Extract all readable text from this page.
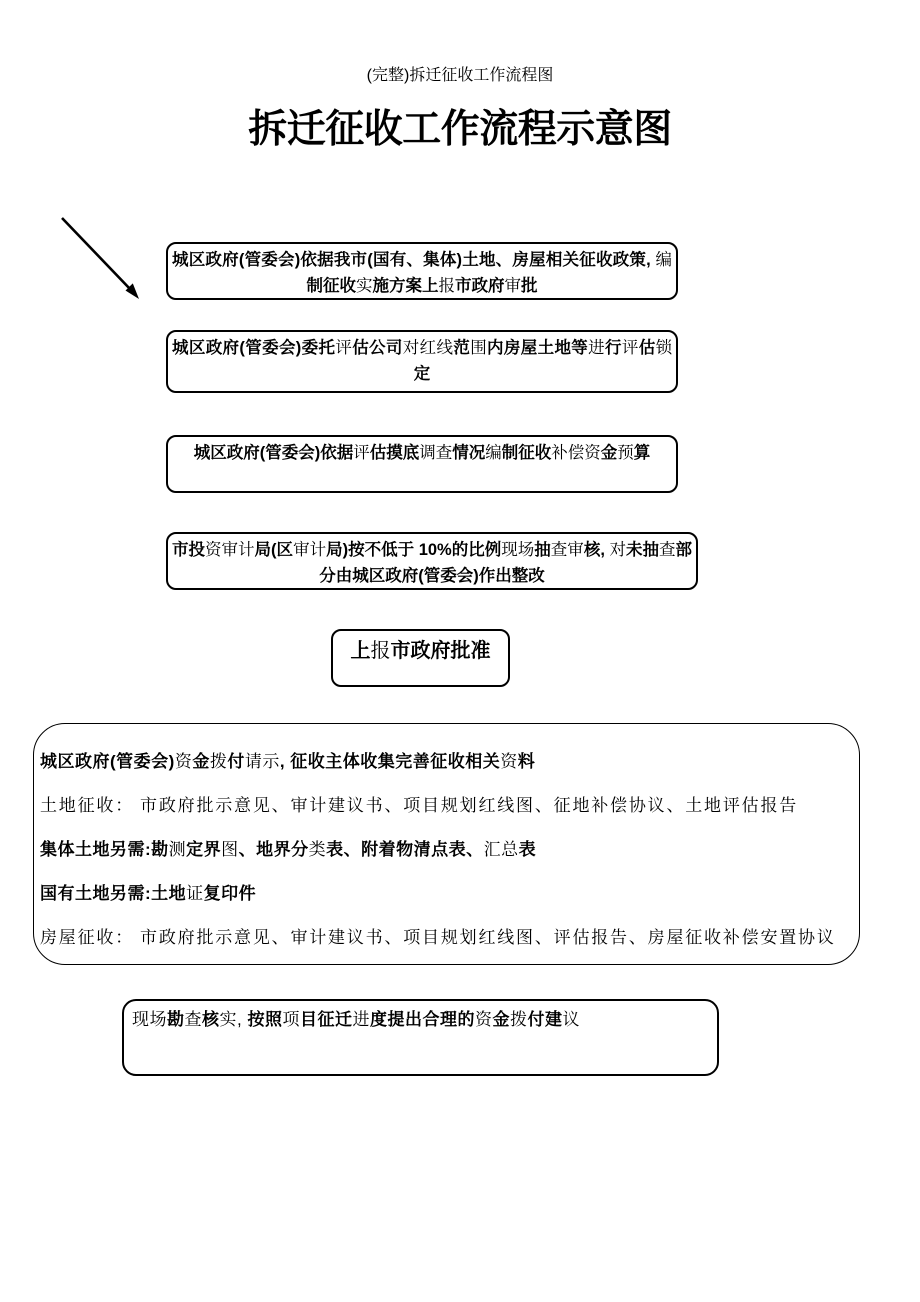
(完整)拆迁征收工作流程图
拆迁征收工作流程示意图
城区政府(管委会)依据我市(国有、集体)土地、房屋相关征收政策, 编制征收实施方案上报市政府审批
城区政府(管委会)委托评估公司对红线范围内房屋土地等进行评估锁定
城区政府(管委会)依据评估摸底调查情况编制征收补偿资金预算
市投资审计局(区审计局)按不低于 10%的比例现场抽查审核, 对未抽查部分由城区政府(管委会)作出整改
上报市政府批准
城区政府(管委会)资金拨付请示, 征收主体收集完善征收相关资料
土地征收： 市政府批示意见、审计建议书、项目规划红线图、征地补偿协议、土地评估报告
集体土地另需:勘测定界图、地界分类表、附着物清点表、汇总表
国有土地另需:土地证复印件
房屋征收： 市政府批示意见、审计建议书、项目规划红线图、评估报告、房屋征收补偿安置协议
现场勘查核实, 按照项目征迁进度提出合理的资金拨付建议
